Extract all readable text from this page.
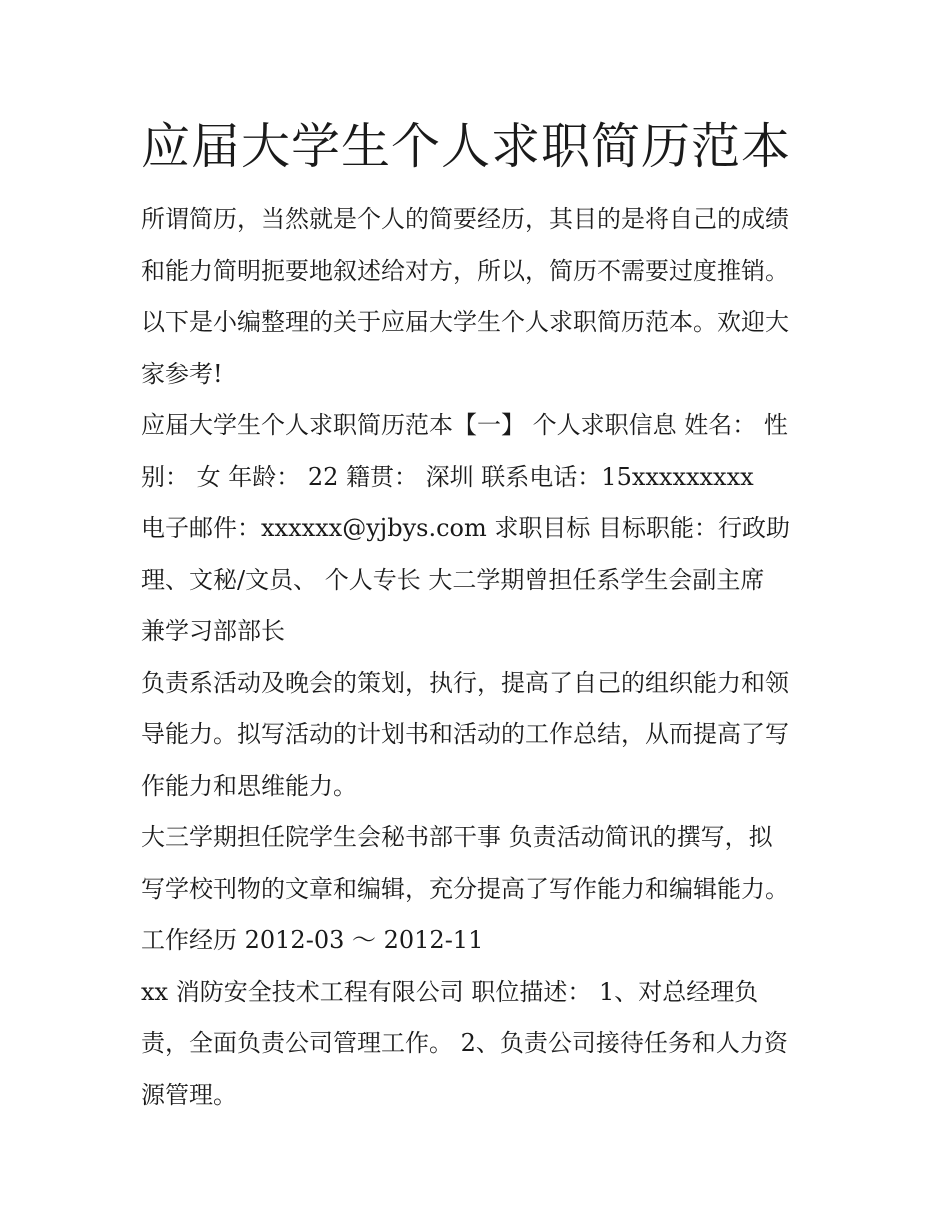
应届大学生个人求职简历范本

所谓简历，当然就是个人的简要经历，其目的是将自己的成绩
和能力简明扼要地叙述给对方，所以，简历不需要过度推销。
以下是小编整理的关于应届大学生个人求职简历范本。欢迎大
家参考!

应届大学生个人求职简历范本【一】 个人求职信息 姓名： 性
别： 女 年龄： 22 籍贯： 深圳 联系电话：15xxxxxxxxx

电子邮件：xxxxxx@yjbys.com 求职目标 目标职能：行政助
理、文秘/文员、 个人专长 大二学期曾担任系学生会副主席
兼学习部部长

负责系活动及晚会的策划，执行，提高了自己的组织能力和领
导能力。拟写活动的计划书和活动的工作总结，从而提高了写
作能力和思维能力。

大三学期担任院学生会秘书部干事 负责活动简讯的撰写，拟
写学校刊物的文章和编辑，充分提高了写作能力和编辑能力。

工作经历 2012-03 ～ 2012-11

xx 消防安全技术工程有限公司 职位描述： 1、对总经理负
责，全面负责公司管理工作。 2、负责公司接待任务和人力资
源管理。
